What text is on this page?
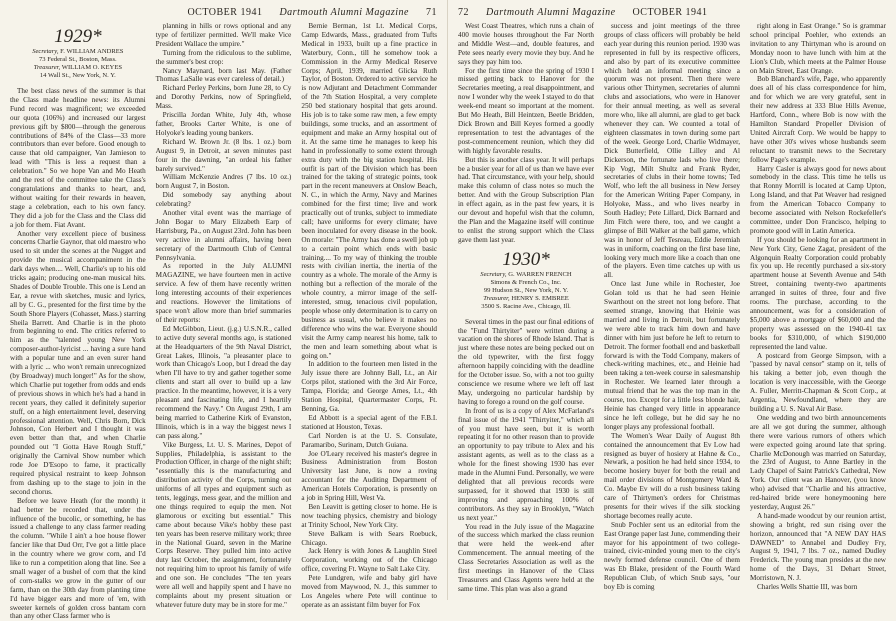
OCTOBER 1941 Dartmouth Alumni Magazine 71
1929*
Secretary, F. WILLIAM ANDRES
73 Federal St., Boston, Mass.
Treasurer, WILLIAM O. KEYES
14 Wall St., New York, N. Y.

The best class news of the summer is that the Class made headline news: its Alumni Fund record was magnificent; we exceeded our quota (106%) and increased our largest previous gift by $800—through the generous contributions of 84% of the Class—33 more contributors than ever before. Good enough to cause that old campaigner, Van Jamieson to lead with "This is less a request than a celebration." So we hope Van and Mo Heath and the rest of the committee take the Class's congratulations and thanks to heart, and, without waiting for their rewards in heaven, stage a celebration, each to his own fancy. They did a job for the Class and the Class did a job for them. Fiat Avant.

Another very excellent piece of business concerns Charlie Gaynor, that old maestro who used to sit under the scenes at the Nugget and provide the musical accompaniment in the dark days when.... Well, Charlie's up to his old tricks again; producing one-man musical hits. Shades of Double Trouble. This one is Lend an Ear, a revue with sketches, music and lyrics, all by C. G., presented for the first time by the South Shore Players (Cohasset, Mass.) starring Sheila Barrett. And Charlie is in the photo from beginning to end. The critics referred to him as the "talented young New York composer-author-lyricist ... having a sure hand with a popular tune and an even surer hand with a lyric ... who won't remain unrecognized (by Broadway) much longer!" As for the show, which Charlie put together from odds and ends of previous shows in which he's had a hand in recent years, they called it definitely superior stuff, on a high entertainment level, deserving professional attention. Well, Chris Born, Dick Johnson, Con Herbert and I thought it was even better than that, and when Charlie pounded out "I Gotta Have Rough Stuff," originally the Carnival Show number which rode Joe D'Esopo to fame, it practically required physical restraint to keep Johnson from dashing up to the stage to join in the second chorus.

Before we leave Heath (for the month) it had better be recorded that, under the influence of the bucolic, or something, he has issued a challenge to any class farmer reading the column. "While I ain't a hoe house flower fancier like that Dud Orr, I've got a little place in the country where we grow corn, and I'd like to run a competition along that line. See a small wager of a bushel of corn that the kind of corn-stalks we grow in the gutter of our farm, than on the 30th day from planting time I'd have bigger ears and more of 'em, with sweeter kernels of golden cross bantam corn than any other Class farmer who is

planning in hills or rows optional and any type of fertilizer permitted. We'll make Vice President Wallace the umpire."

Turning from the ridiculous to the sublime, the summer's best crop:

Nancy Maynard, born last May. (Father Thomas LaSalle was ever careless of detail.)

Richard Perley Perkins, born June 28, to Cy and Dorothy Perkins, now of Springfield, Mass.

Priscilla Jordan White, July 4th, whose father, Brooks Carter White, is one of Holyoke's leading young bankers.

Richard W. Brown Jr. (8 lbs. 1 oz.) born August 9, in Detroit, at seven minutes past four in the dawning, "an ordeal his father barely survived."

William McKenzie Andres (7 lbs. 10 oz.) born August 7, in Boston.

Did somebody say anything about celebrating?

Another vital event was the marriage of John Bogar to Mary Elizabeth Earp of Harrisburg, Pa., on August 23rd. John has been very active in alumni affairs, having been secretary of the Dartmouth Club of Central Pennsylvania.

As reported in the July ALUMNI MAGAZINE, we have fourteen men in active service. A few of them have recently written long interesting accounts of their experiences and reactions. However the limitations of space won't allow more than brief summaries of their reports:

Ed McGibbon, Lieut. (j.g.) U.S.N.R., called to active duty several months ago, is stationed at the Headquarters of the 9th Naval District, Great Lakes, Illinois, "a pleasanter place to work than Chicago's Loop, but I dread the day when I'll have to try and gather together some clients and start all over to build up a law practice. In the meantime, however, it is a very pleasant and fascinating life, and I heartily recommend the Navy." On August 29th, I am being married to Catherine Kirk of Evanston, Illinois, which is in a way the biggest news I can pass along."

Vike Burgess, Lt. U. S. Marines, Depot of Supplies, Philadelphia, is assistant to the Production Officer, in charge of the night shift; "essentially this is the manufacturing and distribution activity of the Corps, turning out uniforms of all types and equipment such as tents, leggings, mess gear, and the million and one things required to equip the men. Not glamorous or exciting but essential." This came about because Vike's hobby these past ten years has been reserve military work; three in the National Guard, seven in the Marine Corps Reserve. They pulled him into active duty last October, the assignment, fortunately not requiring him to uproot his family of wife and one son. He concludes "The ten years were all well and happily spent and I have no complaints about my present situation or whatever future duty may be in store for me."

Bernie Berman, 1st Lt. Medical Corps, Camp Edwards, Mass., graduated from Tufts Medical in 1933, built up a fine practice in Waterbury, Conn., till he somehow took a Commission in the Army Medical Reserve Corps; April, 1939, married Glicka Ruth Taylor, of Boston. Ordered to active service he is now Adjutant and Detachment Commander of the 7th Station Hospital, a very complete 250 bed stationary hospital that gets around. His job is to take some raw men, a few empty buildings, some trucks, and an assortment of equipment and make an Army hospital out of it. At the same time he manages to keep his hand in professionally to some extent through extra duty with the big station hospital. His outfit is part of the Division which has been trained for the taking of strategic points, took part in the recent maneuvers at Onslow Beach, N. C., in which the Army, Navy and Marines combined for the first time; live and work practically out of trunks, subject to immediate call; have uniforms for every climate; have been inoculated for every disease in the book. On morale: "The Army has done a swell job up to a certain point which ends with basic training.... To my way of thinking the trouble rests with civilian inertia, the inertia of the country as a whole. The morale of the Army is nothing but a reflection of the morale of the whole country, a mirror image of the self-interested, smug, tenacious civil population, people whose only determination is to carry on business as usual, who believe it makes no difference who wins the war. Everyone should visit the Army camp nearest his home, talk to the men and learn something about what is going on."

In addition to the fourteen men listed in the July issue there are Johnny Ball, Lt., an Air Corps pilot, stationed with the 3rd Air Force, Tampa, Florida; and George Ames, Lt., 4th Station Hospital, Quartermaster Corps, Ft. Benning, Ga.

Ed Abbott is a special agent of the F.B.I. stationed at Houston, Texas.

Carl Norden is at the U. S. Consulate, Paramaribo, Surinam, Dutch Guiana.

Joe O'Leary received his master's degree in Business Administration from Boston University last June, is now a roving accountant for the Auditing Department of American Hotels Corporation, is presently on a job in Spring Hill, West Va.

Ben Leavitt is getting closer to home. He is now teaching physics, chemistry and biology at Trinity School, New York City.

Steve Balkam is with Sears Roebuck, Chicago.

Jack Henry is with Jones & Laughlin Steel Corporation, working out of the Chicago office, covering Ft. Wayne to Salt Lake City.

Pete Lundgren, wife and baby girl have moved from Maywood, N. J., this summer to Los Angeles where Pete will continue to operate as an assistant film buyer for Fox

72 Dartmouth Alumni Magazine OCTOBER 1941

West Coast Theatres, which runs a chain of 400 movie houses throughout the Far North and Middle West—and, double features, and Pete sees nearly every movie they buy. And he says they pay him too.

For the first time since the spring of 1930 I missed getting back to Hanover for the Secretaries meeting, a real disappointment, and now I wonder why the week I stayed to do that week-end meant so important at the moment. But Mo Heath, Bill Heintzen, Beetle Bridden, Dick Brown and Bill Keyes formed a goodly representation to test the advantages of the post-commencement reunion, which they did with highly favorable results.

But this is another class year. It will perhaps be a busier year for all of us than we have ever had. That circumstance, with your help, should make this column of class notes so much the better. And with the Group Subscription Plan in effect again, as in the past few years, it is our devout and hopeful wish that the column, the Plan and the Magazine itself will continue to enlist the strong support which the Class gave them last year.

1930*
Secretary, G. WARREN FRENCH
Simons & French Co., Inc.
99 Hudson St., New York, N. Y.
Treasurer, HENRY S. EMBREE
3500 S. Racine Ave., Chicago, Ill.

Several times in the past our final editions of the "Fund Thirtyiter" were written during a vacation on the shores of Rhode Island. That is just where these notes are being pecked out on the old typewriter, with the first foggy afternoon happily coinciding with the deadline for the October issue. So, with a not too guilty conscience we resume where we left off last May, undergoing no particular hardship by having to forego a round on the golf course.

In front of us is a copy of Alex McFarland's final issue of the 1941 "Thirtyiter," which all of you must have seen, but it is worth repeating it for no other reason than to provide an opportunity to pay tribute to Alex and his assistant agents, as well as to the class as a whole for the finest showing 1930 has ever made in the Alumni Fund. Personally, we were delighted that all previous records were surpassed, for it showed that 1930 is still improving and approaching 100% of contributors. As they say in Brooklyn, "Watch us next year."

You read in the July issue of the Magazine of the success which marked the class reunion that were held the week-end after Commencement. The annual meeting of the Class Secretaries Association as well as the first meetings in Hanover of the Class Treasurers and Class Agents were held at the same time. This plan was also a grand

success and joint meetings of the three groups of class officers will probably be held each year during this reunion period. 1930 was represented in full by its respective officers, and also by part of its executive committee which held an informal meeting since a quorum was not present. Then there were various other Thirtymen, secretaries of alumni clubs and associations, who were in Hanover for their annual meeting, as well as several more who, like all alumni, are glad to get back whenever they can. We counted a total of eighteen classmates in town during some part of the week. George Lord, Charlie Widmayer, Dick Butterfield, Ollie Lilley and Al Dickerson, the fortunate lads who live there; Kip Vogt, Milt Shultz and Frank Ryder, secretaries of clubs in their home towns; Ted Wolf, who left the all business in New Jersey for the American Writing Paper Company, in Holyoke, Mass., and who lives nearby in South Hadley; Pete Lillard, Dick Barnard and Jim Fitch were there, too, and we caught a glimpse of Bill Walker at the ball game, which was in honor of Jeff Tesreau, Eddie Jeremiah was in uniform, coaching on the first base line, looking very much more like a coach than one of the players. Even time catches up with us all.

Once last June while in Rochester, Joe Golan told us that he had seen Heinie Swarthout on the street not long before. That seemed strange, knowing that Heinie was married and living in Detroit, but fortunately we were able to track him down and have dinner with him just before he left to return to Detroit. The former football end and basketball forward is with the Todd Company, makers of check-writing machines, etc., and Heinie had been taking a ten-week course in salesmanship in Rochester. We learned later through a mutual friend that he was the top man in the course, too. Except for a little less blonde hair, Heinie has changed very little in appearance since he left college, but he did say he no longer plays any professional football.

The Women's Wear Daily of August 8th contained the announcement that Ev Low had resigned as buyer of hosiery at Hahne & Co., Newark, a position he had held since 1934, to become hosiery buyer for both the retail and mail order divisions of Montgomery Ward & Co. Maybe Ev will do a rush business taking care of Thirtymen's orders for Christmas presents for their wives if the silk stocking shortage becomes really acute.

Snub Pochler sent us an editorial from the East Orange paper last June, commending their mayor for his appointment of two college-trained, civic-minded young men to the city's newly formed defense council. One of them was Eb Blake, president of the Fourth Ward Republican Club, of which Snub says, "our boy Eb is coming

right along in East Orange." So is grammar school principal Poehler, who extends an invitation to any Thirtyman who is around on Monday noon to have lunch with him at the Lion's Club, which meets at the Palmer House on Main Street, East Orange.

Bob Blanchard's wife, Page, who apparently does all of his class correspondence for him, and for which we are very grateful, sent in their new address at 333 Blue Hills Avenue, Hartford, Conn., where Bob is now with the Hamilton Standard Propeller Division of United Aircraft Corp. We would be happy to have other 30's wives whose husbands seem reluctant to transmit news to the Secretary follow Page's example.

Harry Casler is always good for news about somebody in the class. This time he tells us that Ronny Morrill is located at Camp Upton, Long Island, and that Pat Weaver had resigned from the American Tobacco Company to become associated with Nelson Rockefeller's committee, under Don Francisco, helping to promote good will in Latin America.

If you should be looking for an apartment in New York City, Gene Zagat, president of the Algonquin Realty Corporation could probably fix you up. He recently purchased a six-story apartment house at Seventh Avenue and 54th Street, containing twenty-two apartments arranged in suites of three, four and five rooms. The purchase, according to the announcement, was for a consideration of $5,000 above a mortgage of $60,000 and the property was assessed on the 1940-41 tax books for $310,000, of which $190,000 represented the land value.

A postcard from George Simpson, with a "passed by naval censor" stamp on it, tells of his taking a better job, even though the location is very inaccessible, with the George A. Fuller, Merritt-Chapman & Scott Corp., at Argentia, Newfoundland, where they are building a U. S. Naval Air Base.

One wedding and two birth announcements are all we got during the summer, although there were various rumors of others which were expected going around late that spring. Charlie McDonough was married on Saturday, the 23rd of August, to Anne Bartley in the Lady Chapel of Saint Patrick's Cathedral, New York. Our client was an Hanover, (you know who) advised that "Charlie and his attractive, red-haired bride were honeymooning here yesterday, August 26."

A hand-made woodcut by our reunion artist, showing a bright, red sun rising over the horizon, announced that "A NEW DAY HAS DAWNED" to Annabel and Dudley Fry, August 9, 1941, 7 lbs. 7 oz., named Dudley Frederick. The young man presides at the new home of the Days, 31 Dehart Street, Morristown, N. J.

Charles Wells Shattie III, was born
